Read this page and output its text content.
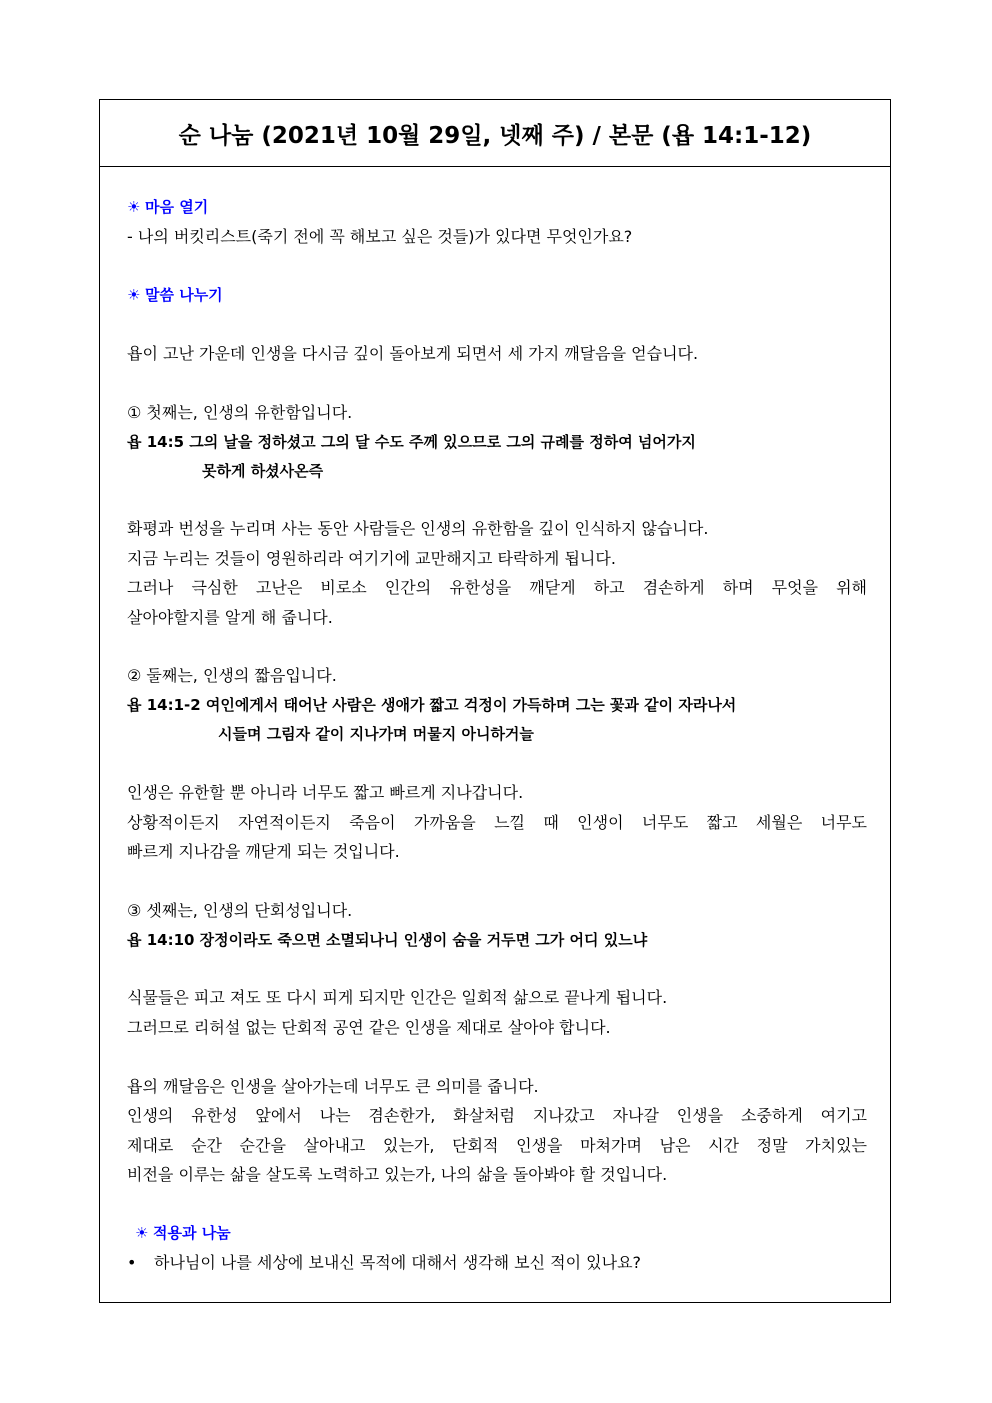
순 나눔 (2021년 10월 29일, 넷째 주) / 본문 (욥 14:1-12)
☀ 마음 열기
- 나의 버킷리스트(죽기 전에 꼭 해보고 싶은 것들)가 있다면 무엇인가요?
☀ 말씀 나누기
욥이 고난 가운데 인생을 다시금 깊이 돌아보게 되면서 세 가지 깨달음을 얻습니다.
① 첫째는, 인생의 유한함입니다.
욥 14:5 그의 날을 정하셨고 그의 달 수도 주께 있으므로 그의 규례를 정하여 넘어가지
못하게 하셨사온즉
화평과 번성을 누리며 사는 동안 사람들은 인생의 유한함을 깊이 인식하지 않습니다.
지금 누리는 것들이 영원하리라 여기기에 교만해지고 타락하게 됩니다.
그러나 극심한 고난은 비로소 인간의 유한성을 깨닫게 하고 겸손하게 하며 무엇을 위해
살아야할지를 알게 해 줍니다.
② 둘째는, 인생의 짧음입니다.
욥 14:1-2 여인에게서 태어난 사람은 생애가 짧고 걱정이 가득하며 그는 꽃과 같이 자라나서
시들며 그림자 같이 지나가며 머물지 아니하거늘
인생은 유한할 뿐 아니라 너무도 짧고 빠르게 지나갑니다.
상황적이든지 자연적이든지 죽음이 가까움을 느낄 때 인생이 너무도 짧고 세월은 너무도
빠르게 지나감을 깨닫게 되는 것입니다.
③ 셋째는, 인생의 단회성입니다.
욥 14:10 장정이라도 죽으면 소멸되나니 인생이 숨을 거두면 그가 어디 있느냐
식물들은 피고 져도 또 다시 피게 되지만 인간은 일회적 삶으로 끝나게 됩니다.
그러므로 리허설 없는 단회적 공연 같은 인생을 제대로 살아야 합니다.
욥의 깨달음은 인생을 살아가는데 너무도 큰 의미를 줍니다.
인생의 유한성 앞에서 나는 겸손한가, 화살처럼 지나갔고 자나갈 인생을 소중하게 여기고
제대로 순간 순간을 살아내고 있는가, 단회적 인생을 마쳐가며 남은 시간 정말 가치있는
비전을 이루는 삶을 살도록 노력하고 있는가, 나의 삶을 돌아봐야 할 것입니다.
☀ 적용과 나눔
• 하나님이 나를 세상에 보내신 목적에 대해서 생각해 보신 적이 있나요?
